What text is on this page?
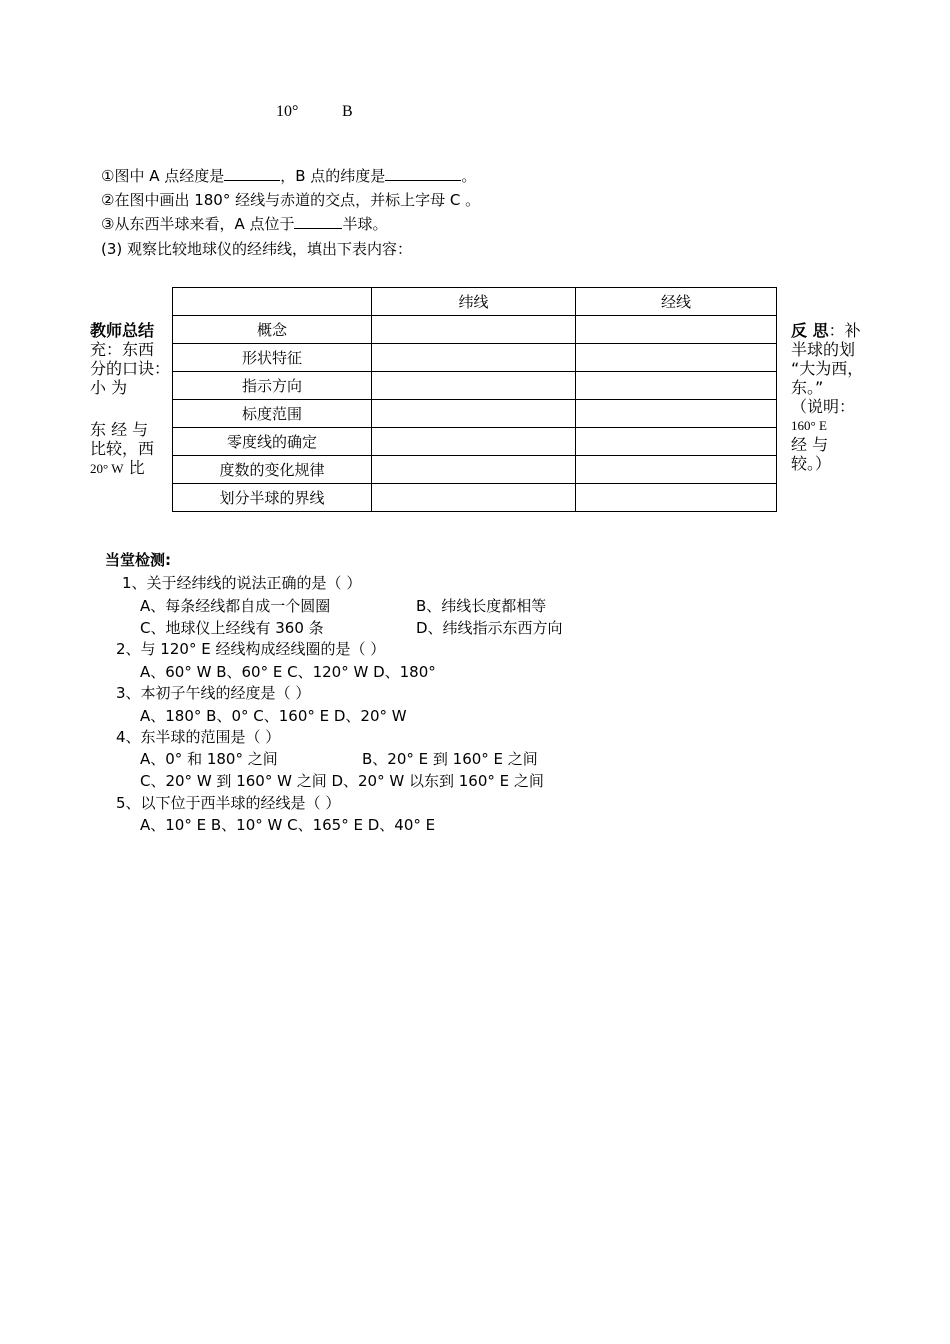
10°	B
①图中 A 点经度是	，B 点的纬度是	。
②在图中画出 180° 经线与赤道的交点，并标上字母 C 。
③从东西半球来看，A 点位于	半球。
(3) 观察比较地球仪的经纬线，填出下表内容：
教师总结
充：东西
分的口诀：
小 为
东 经 与
比较，西
20° W 比
	纬线	经线
概念		
形状特征		
指示方向		
标度范围		
零度线的确定		
度数的变化规律		
划分半球的界线		
反 思：补
半球的划
“大为西，
东。”
（说明：
160° E
经 与
较。）
当堂检测:
1、关于经纬线的说法正确的是（ ）
A、每条经线都自成一个圆圈	B、纬线长度都相等
C、地球仪上经线有 360 条	D、纬线指示东西方向
2、与 120° E 经线构成经线圈的是（ ）
A、60° W B、60° E C、120° W D、180°
3、本初子午线的经度是（ ）
A、180° B、0° C、160° E D、20° W
4、东半球的范围是（ ）
A、0° 和 180° 之间	B、20° E 到 160° E 之间
C、20° W 到 160° W 之间 D、20° W 以东到 160° E 之间
5、以下位于西半球的经线是（ ）
A、10° E B、10° W C、165° E D、40° E
